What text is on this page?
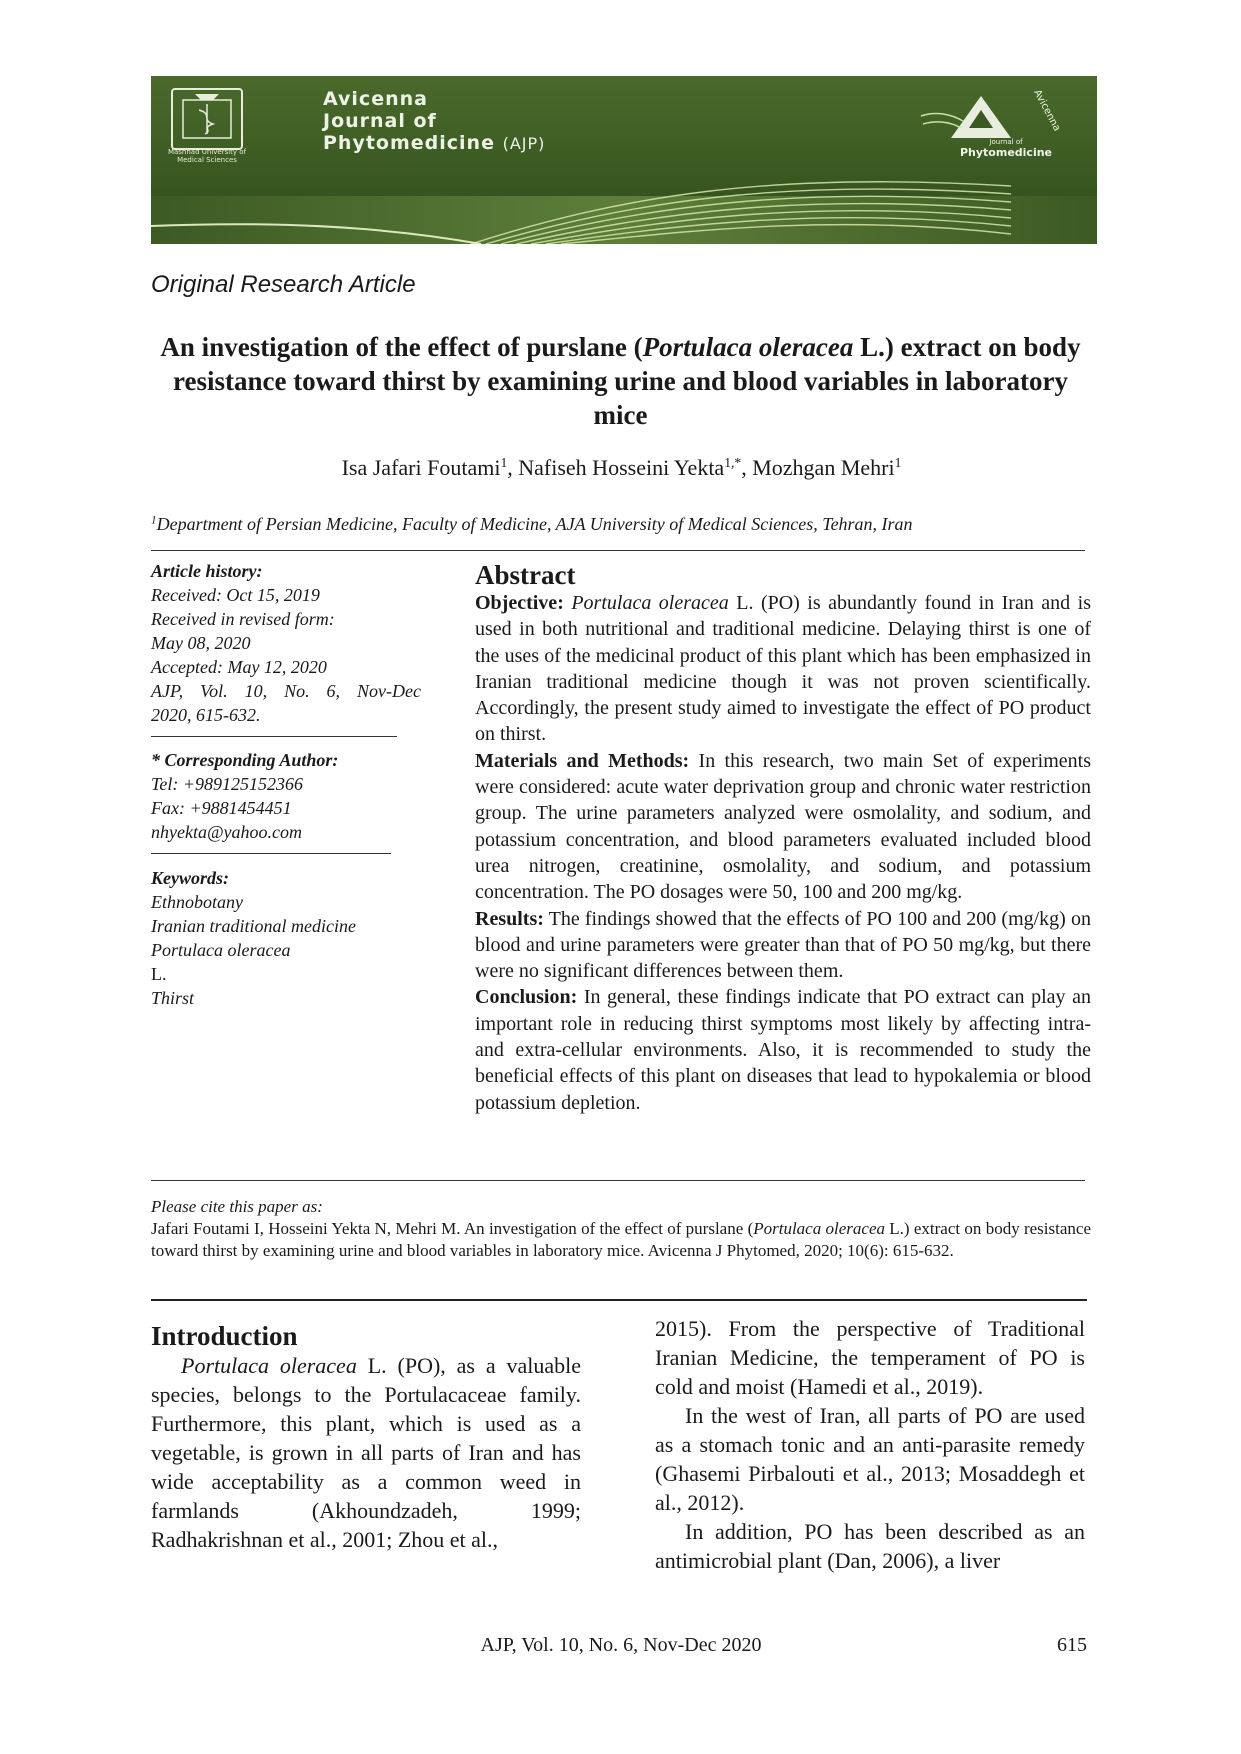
Mashhad University of Medical Sciences
Avicenna
Journal of
Phytomedicine (AJP)	Journal of
Phytomedicine
Avicenna
Original Research Article
An investigation of the effect of purslane (Portulaca oleracea L.) extract on body resistance toward thirst by examining urine and blood variables in laboratory mice
Isa Jafari Foutami$^1$, Nafiseh Hosseini Yekta$^{1,*}$, Mozhgan Mehri$^1$
$^1$Department of Persian Medicine, Faculty of Medicine, AJA University of Medical Sciences, Tehran, Iran
Article history:
Received: Oct 15, 2019
Received in revised form:
May 08, 2020
Accepted: May 12, 2020
AJP, Vol. 10, No. 6, Nov-Dec
2020, 615-632.
* Corresponding Author:
Tel: +989125152366
Fax: +9881454451
nhyekta@yahoo.com
Keywords:
Ethnobotany
Iranian traditional medicine
Portulaca oleracea
L.
Thirst
Abstract

Objective: Portulaca oleracea L. (PO) is abundantly found in Iran and is used in both nutritional and traditional medicine. Delaying thirst is one of the uses of the medicinal product of this plant which has been emphasized in Iranian traditional medicine though it was not proven scientifically. Accordingly, the present study aimed to investigate the effect of PO product on thirst.

Materials and Methods: In this research, two main Set of experiments were considered: acute water deprivation group and chronic water restriction group. The urine parameters analyzed were osmolality, and sodium, and potassium concentration, and blood parameters evaluated included blood urea nitrogen, creatinine, osmolality, and sodium, and potassium concentration. The PO dosages were 50, 100 and 200 mg/kg.

Results: The findings showed that the effects of PO 100 and 200 (mg/kg) on blood and urine parameters were greater than that of PO 50 mg/kg, but there were no significant differences between them.

Conclusion: In general, these findings indicate that PO extract can play an important role in reducing thirst symptoms most likely by affecting intra- and extra-cellular environments. Also, it is recommended to study the beneficial effects of this plant on diseases that lead to hypokalemia or blood potassium depletion.

Please cite this paper as:
Jafari Foutami I, Hosseini Yekta N, Mehri M. An investigation of the effect of purslane (Portulaca oleracea L.) extract on body resistance toward thirst by examining urine and blood variables in laboratory mice. Avicenna J Phytomed, 2020; 10(6): 615-632.
Introduction

Portulaca oleracea L. (PO), as a valuable species, belongs to the Portulacaceae family. Furthermore, this plant, which is used as a vegetable, is grown in all parts of Iran and has wide acceptability as a common weed in farmlands (Akhoundzadeh, 1999; Radhakrishnan et al., 2001; Zhou et al.,

2015). From the perspective of Traditional Iranian Medicine, the temperament of PO is cold and moist (Hamedi et al., 2019).

In the west of Iran, all parts of PO are used as a stomach tonic and an anti-parasite remedy (Ghasemi Pirbalouti et al., 2013; Mosaddegh et al., 2012).

In addition, PO has been described as an antimicrobial plant (Dan, 2006), a liver

AJP, Vol. 10, No. 6, Nov-Dec 2020	615
